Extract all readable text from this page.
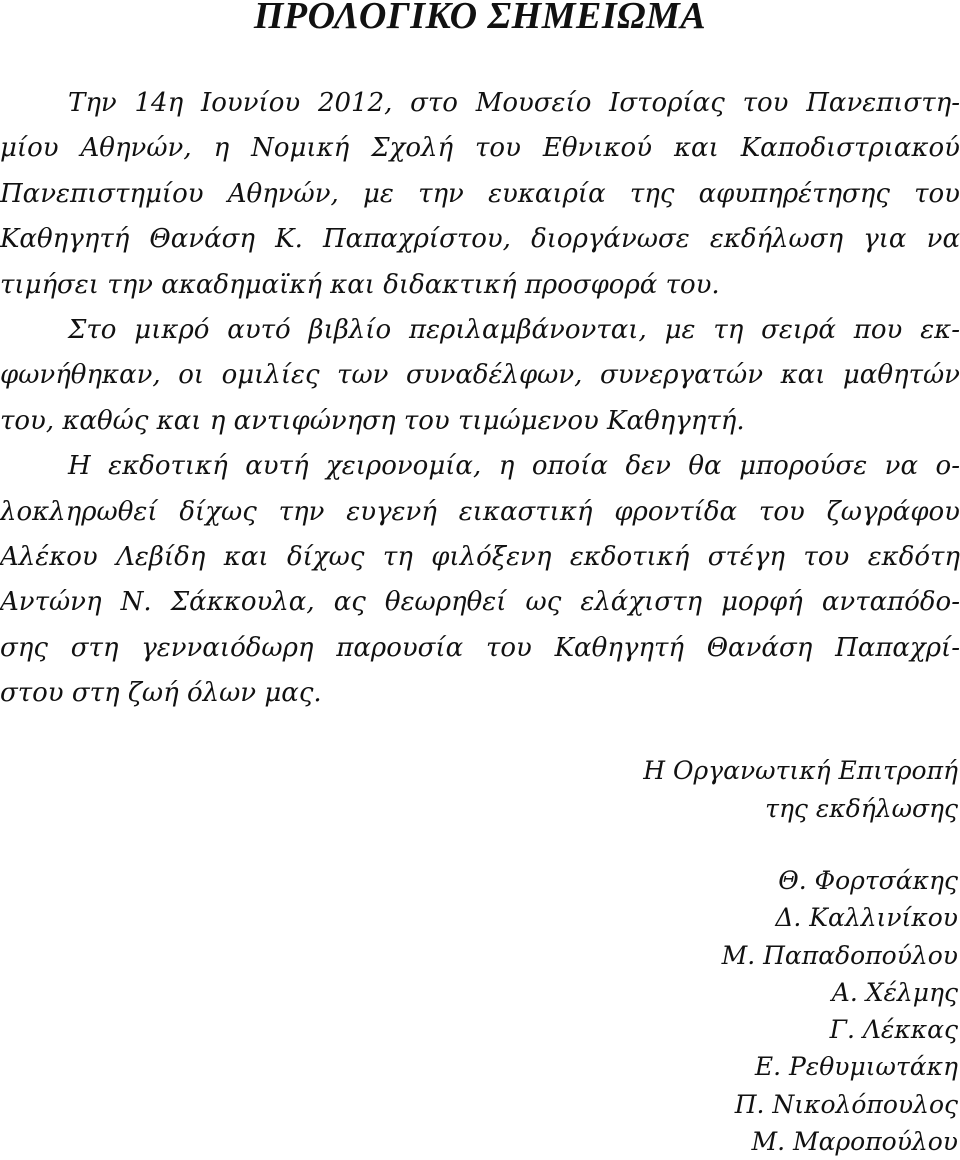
ΠΡΟΛΟΓΙΚΟ ΣΗΜΕΙΩΜΑ
Την 14η Ιουνίου 2012, στο Μουσείο Ιστορίας του Πανεπιστη-
μίου Αθηνών, η Νομική Σχολή του Εθνικού και Καποδιστριακού
Πανεπιστημίου Αθηνών, με την ευκαιρία της αφυπηρέτησης του
Καθηγητή Θανάση Κ. Παπαχρίστου, διοργάνωσε εκδήλωση για να
τιμήσει την ακαδημαϊκή και διδακτική προσφορά του.
Στο μικρό αυτό βιβλίο περιλαμβάνονται, με τη σειρά που εκ-
φωνήθηκαν, οι ομιλίες των συναδέλφων, συνεργατών και μαθητών
του, καθώς και η αντιφώνηση του τιμώμενου Καθηγητή.
Η εκδοτική αυτή χειρονομία, η οποία δεν θα μπορούσε να ο-
λοκληρωθεί δίχως την ευγενή εικαστική φροντίδα του ζωγράφου
Αλέκου Λεβίδη και δίχως τη φιλόξενη εκδοτική στέγη του εκδότη
Αντώνη Ν. Σάκκουλα, ας θεωρηθεί ως ελάχιστη μορφή ανταπόδο-
σης στη γενναιόδωρη παρουσία του Καθηγητή Θανάση Παπαχρί-
στου στη ζωή όλων μας.
Η Οργανωτική Επιτροπή
της εκδήλωσης
Θ. Φορτσάκης
Δ. Καλλινίκου
Μ. Παπαδοπούλου
Α. Χέλμης
Γ. Λέκκας
Ε. Ρεθυμιωτάκη
Π. Νικολόπουλος
Μ. Μαροπούλου
